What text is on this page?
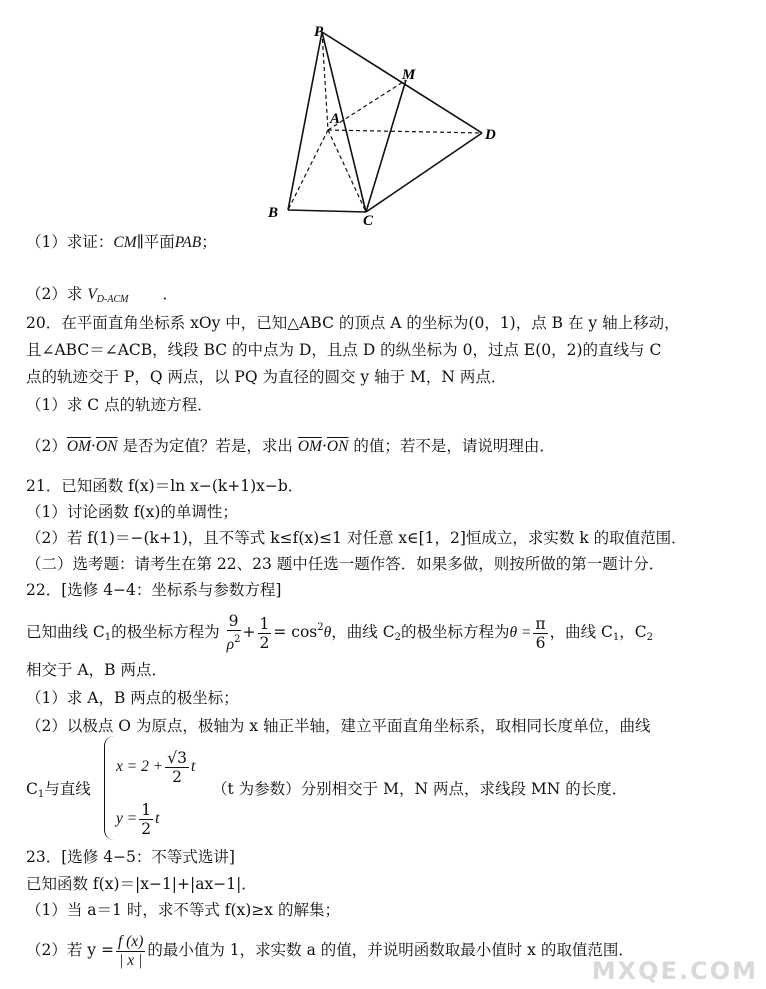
P
M
A
D
B	C
（1）求证：CM∥平面PAB；
（2）求 $V_{D-ACM}$ ．
20．在平面直角坐标系 xOy 中，已知△ABC 的顶点 A 的坐标为(0，1)，点 B 在 y 轴上移动，
且∠ABC＝∠ACB，线段 BC 的中点为 D，且点 D 的纵坐标为 0，过点 E(0，2)的直线与 C
点的轨迹交于 P，Q 两点，以 PQ 为直径的圆交 y 轴于 M，N 两点．
（1）求 C 点的轨迹方程．
$(2)\overline{OM}\cdot\overline{ON}$ 是否为定值？若是，求出 $\overline{OM}\cdot\overline{ON}$ 的值；若不是，请说明理由．
21．已知函数 f(x)＝ln x−(k+1)x−b．
（1）讨论函数 f(x)的单调性；
（2）若 f(1)＝−(k+1)，且不等式 k≤f(x)≤1 对任意 x∈[1，2]恒成立，求实数 k 的取值范围．
（二）选考题：请考生在第 22、23 题中任选一题作答．如果多做，则按所做的第一题计分．
22．[选修 4−4：坐标系与参数方程]
已知曲线 $C_1$的极坐标方程为 $\frac{9}{\rho^2} + \frac{1}{2} = \cos^2\theta$，曲线 $C_2$的极坐标方程为$\theta = \frac{\pi}{6}$ ，曲线 $C_1$，$C_2$
相交于 A，B 两点．
（1）求 A，B 两点的极坐标；
（2）以极点 O 为原点，极轴为 x 轴正半轴，建立平面直角坐标系，取相同长度单位，曲线
$C_1$与直线
$x = 2 + \frac{√3}{2}$ t
（t 为参数）分别相交于 M，N 两点，求线段 MN 的长度．
$y = \frac{1}{2}$ t
23．[选修 4−5：不等式选讲]
已知函数 f(x)＝|x−1|+|ax−1|．
（1）当 a＝1 时，求不等式 f(x)≥x 的解集；
（2）若 $y = \frac{f (x)}{| x |}$ 的最小值为 1，求实数 a 的值，并说明函数取最小值时 x 的取值范围．
MXQE.COM
